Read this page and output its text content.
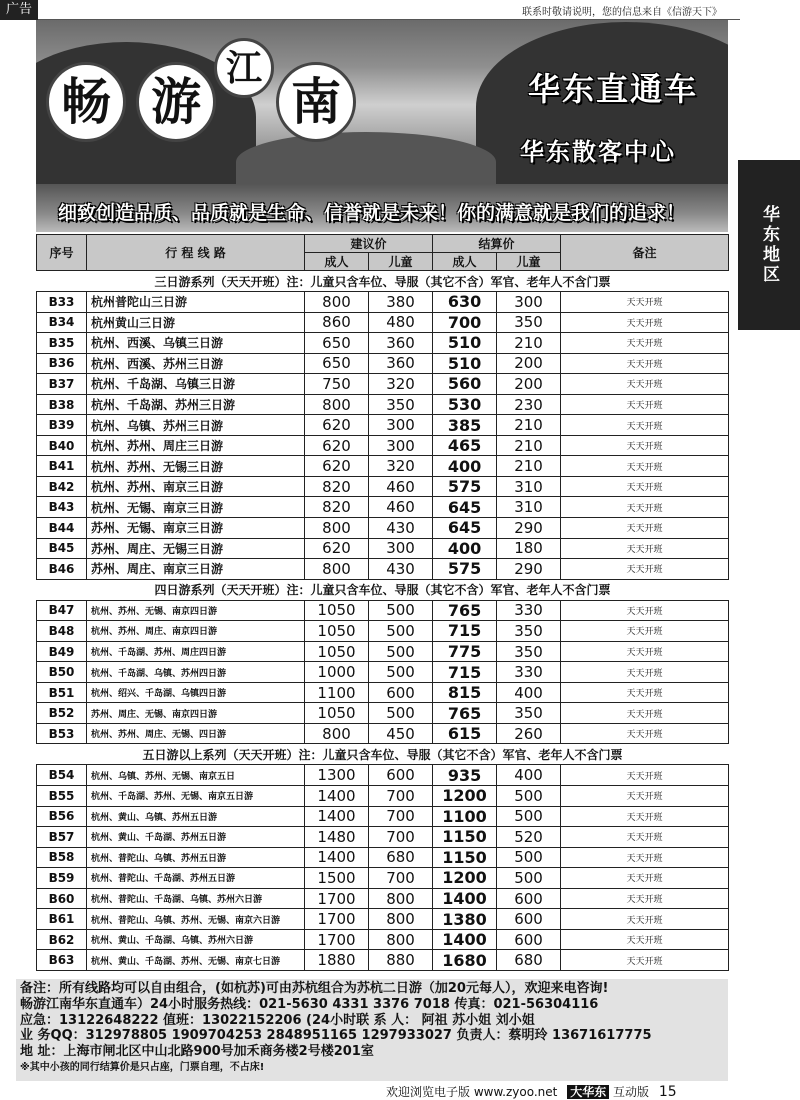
广告	联系时敬请说明，您的信息来自《信游天下》
华东地区
畅 游
江
南	华东直通车
华东散客中心
细致创造品质、品质就是生命、信誉就是未来！你的满意就是我们的追求！
序号	行 程 线 路	建议价		结算价		备注
		成人	儿童	成人	儿童	
三日游系列（天天开班）注：儿童只含车位、导服（其它不含）军官、老年人不含门票						
B33	杭州普陀山三日游	800	380	630	300	天天开班
B34	杭州黄山三日游	860	480	700	350	天天开班
B35	杭州、西溪、乌镇三日游	650	360	510	210	天天开班
B36	杭州、西溪、苏州三日游	650	360	510	200	天天开班
B37	杭州、千岛湖、乌镇三日游	750	320	560	200	天天开班
B38	杭州、千岛湖、苏州三日游	800	350	530	230	天天开班
B39	杭州、乌镇、苏州三日游	620	300	385	210	天天开班
B40	杭州、苏州、周庄三日游	620	300	465	210	天天开班
B41	杭州、苏州、无锡三日游	620	320	400	210	天天开班
B42	杭州、苏州、南京三日游	820	460	575	310	天天开班
B43	杭州、无锡、南京三日游	820	460	645	310	天天开班
B44	苏州、无锡、南京三日游	800	430	645	290	天天开班
B45	苏州、周庄、无锡三日游	620	300	400	180	天天开班
B46	苏州、周庄、南京三日游	800	430	575	290	天天开班
四日游系列（天天开班）注：儿童只含车位、导服（其它不含）军官、老年人不含门票						
B47	杭州、苏州、无锡、南京四日游	1050	500	765	330	天天开班
B48	杭州、苏州、周庄、南京四日游	1050	500	715	350	天天开班
B49	杭州、千岛湖、苏州、周庄四日游	1050	500	775	350	天天开班
B50	杭州、千岛湖、乌镇、苏州四日游	1000	500	715	330	天天开班
B51	杭州、绍兴、千岛湖、乌镇四日游	1100	600	815	400	天天开班
B52	苏州、周庄、无锡、南京四日游	1050	500	765	350	天天开班
B53	杭州、苏州、周庄、无锡、四日游	800	450	615	260	天天开班
五日游以上系列（天天开班）注：儿童只含车位、导服（其它不含）军官、老年人不含门票						
B54	杭州、乌镇、苏州、无锡、南京五日	1300	600	935	400	天天开班
B55	杭州、千岛湖、苏州、无锡、南京五日游	1400	700	1200	500	天天开班
B56	杭州、黄山、乌镇、苏州五日游	1400	700	1100	500	天天开班
B57	杭州、黄山、千岛湖、苏州五日游	1480	700	1150	520	天天开班
B58	杭州、普陀山、乌镇、苏州五日游	1400	680	1150	500	天天开班
B59	杭州、普陀山、千岛湖、苏州五日游	1500	700	1200	500	天天开班
B60	杭州、普陀山、千岛湖、乌镇、苏州六日游	1700	800	1400	600	天天开班
B61	杭州、普陀山、乌镇、苏州、无锡、南京六日游	1700	800	1380	600	天天开班
B62	杭州、黄山、千岛湖、乌镇、苏州六日游	1700	800	1400	600	天天开班
B63	杭州、黄山、千岛湖、苏州、无锡、南京七日游	1880	880	1680	680	天天开班
备注：所有线路均可以自由组合，(如杭苏)可由苏杭组合为苏杭二日游（加20元每人），欢迎来电咨询!
畅游江南华东直通车）24小时服务热线：021-5630 4331 3376 7018 传真：021-56304116
应急：13122648222 值班：13022152206 (24小时联 系 人： 阿祖 苏小姐 刘小姐
业 务QQ：312978805 1909704253 2848951165 1297933027 负责人：蔡明玲 13671617775
地 址：上海市闸北区中山北路900号加禾商务楼2号楼201室
※其中小孩的同行结算价是只占座，门票自理，不占床!
欢迎浏览电子版 www.zyoo.net 大华东 互动版 15
